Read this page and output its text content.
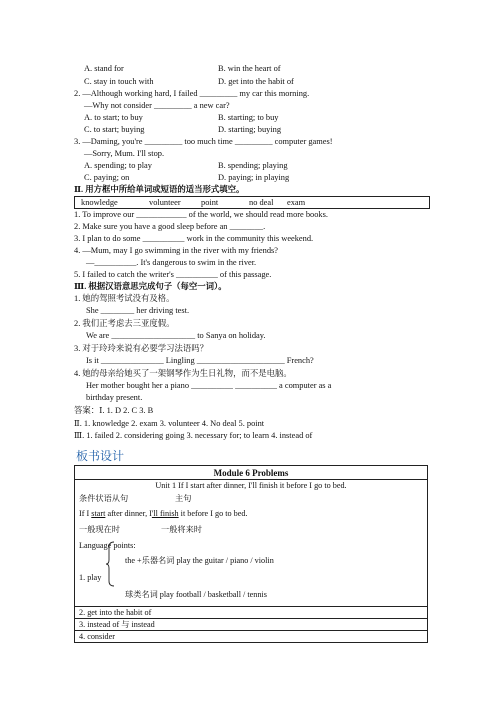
A. stand for	B. win the heart of
C. stay in touch with	D. get into the habit of
2. —Although working hard, I failed _________ my car this morning.
—Why not consider _________ a new car?
A. to start; to buy	B. starting; to buy
C. to start; buying	D. starting; buying
3. —Daming, you're _________ too much time _________ computer games!
—Sorry, Mum. I'll stop.
A. spending; to play	B. spending; playing
C. paying; on	D. paying; in playing
Ⅱ. 用方框中所给单词或短语的适当形式填空。
knowledge	volunteer point	no deal exam
1. To improve our ____________ of the world, we should read more books.
2. Make sure you have a good sleep before an ________.
3. I plan to do some __________ work in the community this weekend.
4. —Mum, may I go swimming in the river with my friends?
—__________. It's dangerous to swim in the river.
5. I failed to catch the writer's __________ of this passage.
Ⅲ. 根据汉语意思完成句子（每空一词）。
1. 她的驾照考试没有及格。
She ________ her driving test.
2. 我们正考虑去三亚度假。
We are ____________________ to Sanya on holiday.
3. 对于玲玲来说有必要学习法语吗？
Is it _______________ Lingling _____________________ French?
4. 她的母亲给她买了一架钢琴作为生日礼物，而不是电脑。
Her mother bought her a piano __________ __________ a computer as a
birthday present.
答案：Ⅰ. 1. D 2. C 3. B
Ⅱ. 1. knowledge 2. exam 3. volunteer 4. No deal 5. point
Ⅲ. 1. failed 2. considering going 3. necessary for; to learn 4. instead of
板书设计
Module 6 Problems
Unit 1 If I start after dinner, I'll finish it before I go to bed.

条件状语从句	主句
If I start after dinner, I'll finish it before I go to bed.
一般现在时	一般将来时
Language points:
the +乐器名词 play the guitar / piano / violin
1. play
球类名词 play football / basketball / tennis

2. get into the habit of
3. instead of 与 instead
4. consider
